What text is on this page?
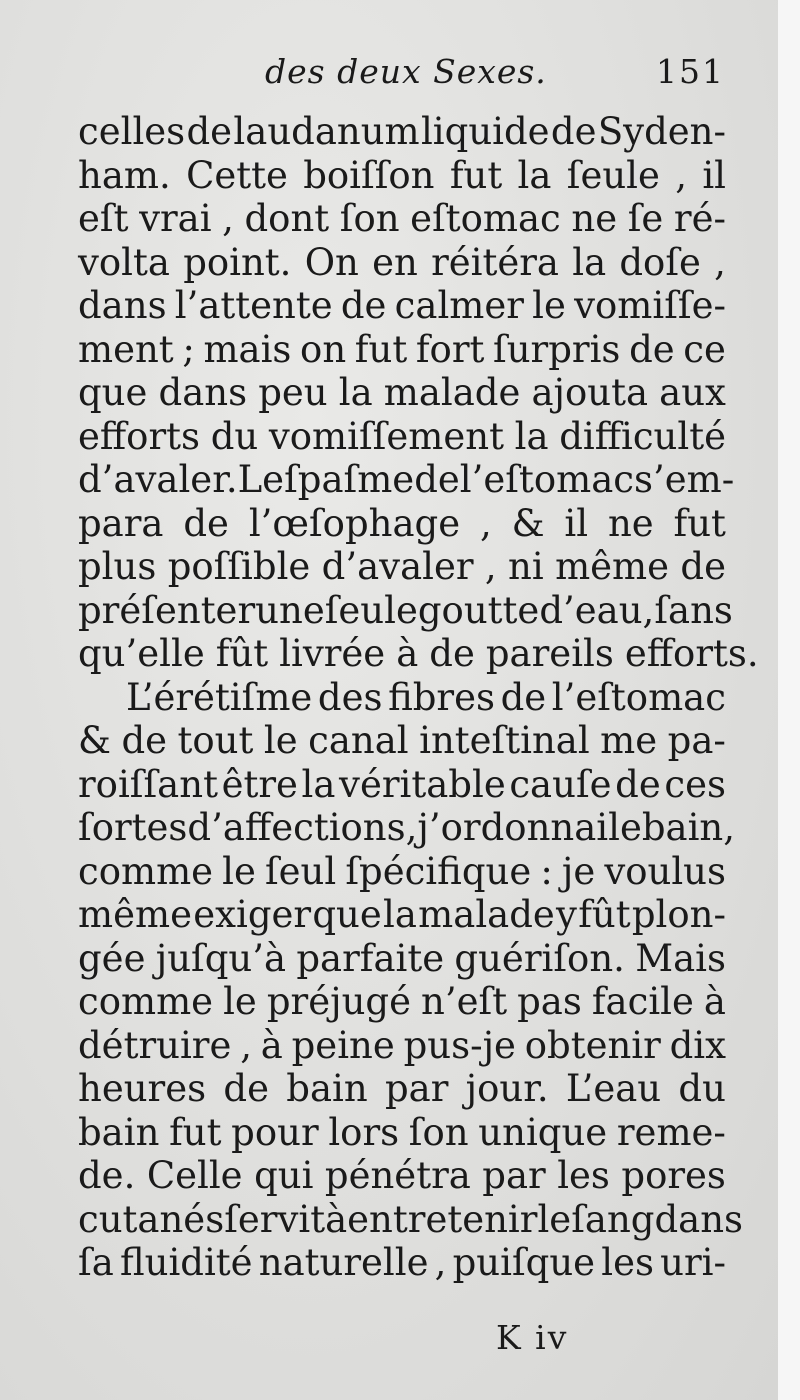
des deux Sexes.	151
celles de laudanum liquide de Syden-
ham. Cette boiſſon fut la ſeule , il
eſt vrai , dont ſon eſtomac ne ſe ré-
volta point. On en réitéra la doſe ,
dans l’attente de calmer le vomiſſe-
ment ; mais on fut fort ſurpris de ce
que dans peu la malade ajouta aux
efforts du vomiſſement la difficulté
d’avaler. Le ſpaſme de l’eſtomac s’em-
para de l’œſophage , & il ne fut
plus poſſible d’avaler , ni même de
préſenter une ſeule goutte d’eau , ſans
qu’elle fût livrée à de pareils efforts.
L’érétiſme des fibres de l’eſtomac
& de tout le canal inteſtinal me pa-
roiſſant être la véritable cauſe de ces
ſortes d’affections , j’ordonnai le bain ,
comme le ſeul ſpécifique : je voulus
même exiger que la malade y fût plon-
gée juſqu’à parfaite guériſon. Mais
comme le préjugé n’eſt pas facile à
détruire , à peine pus-je obtenir dix
heures de bain par jour. L’eau du
bain fut pour lors ſon unique reme-
de. Celle qui pénétra par les pores
cutanés ſervit à entretenir le ſang dans
ſa fluidité naturelle , puiſque les uri-
K iv
